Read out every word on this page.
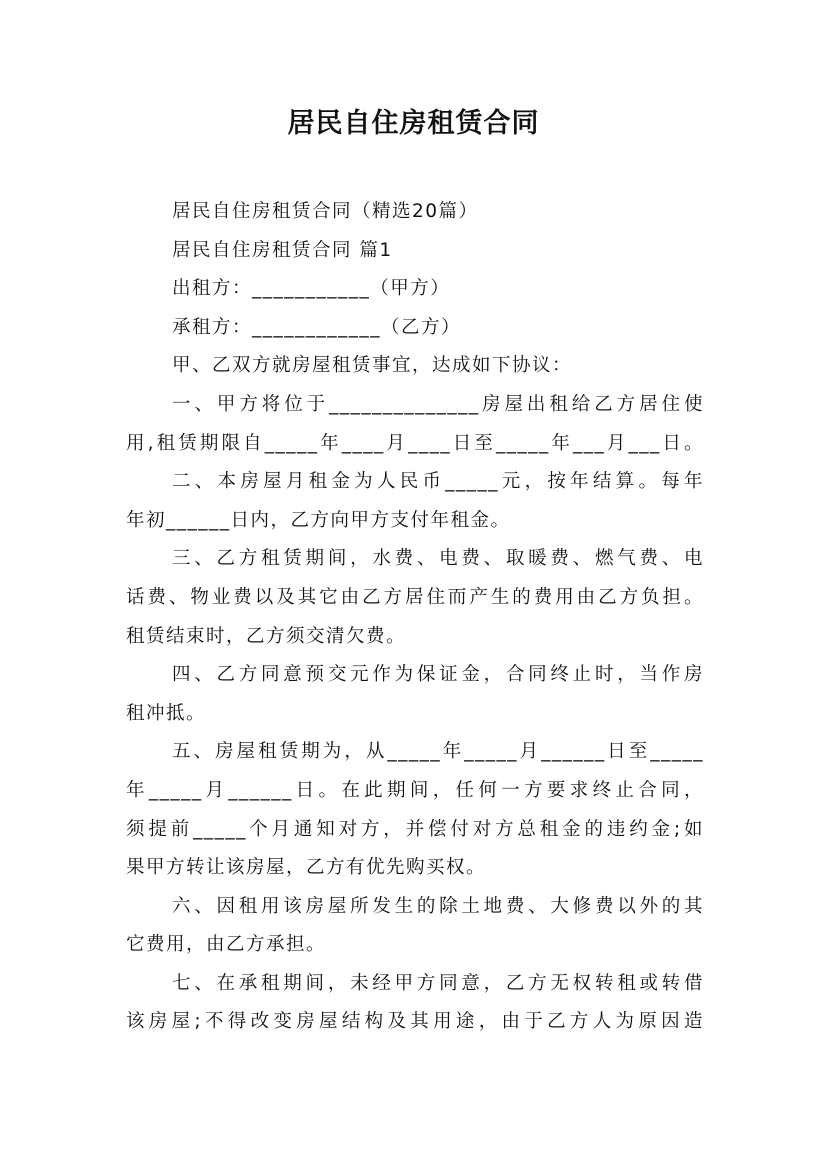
居民自住房租赁合同
居民自住房租赁合同（精选20篇）
居民自住房租赁合同 篇1
出租方：___________（甲方）
承租方：____________（乙方）
甲、乙双方就房屋租赁事宜，达成如下协议：
一、甲方将位于______________房屋出租给乙方居住使
用,租赁期限自_____年____月____日至_____年___月___日。
二、本房屋月租金为人民币_____元，按年结算。每年
年初______日内，乙方向甲方支付年租金。
三、乙方租赁期间，水费、电费、取暖费、燃气费、电
话费、物业费以及其它由乙方居住而产生的费用由乙方负担。
租赁结束时，乙方须交清欠费。
四、乙方同意预交元作为保证金，合同终止时，当作房
租冲抵。
五、房屋租赁期为，从_____年_____月______日至_____
年_____月______日。在此期间，任何一方要求终止合同，
须提前_____个月通知对方，并偿付对方总租金的违约金;如
果甲方转让该房屋，乙方有优先购买权。
六、因租用该房屋所发生的除土地费、大修费以外的其
它费用，由乙方承担。
七、在承租期间，未经甲方同意，乙方无权转租或转借
该房屋;不得改变房屋结构及其用途，由于乙方人为原因造
